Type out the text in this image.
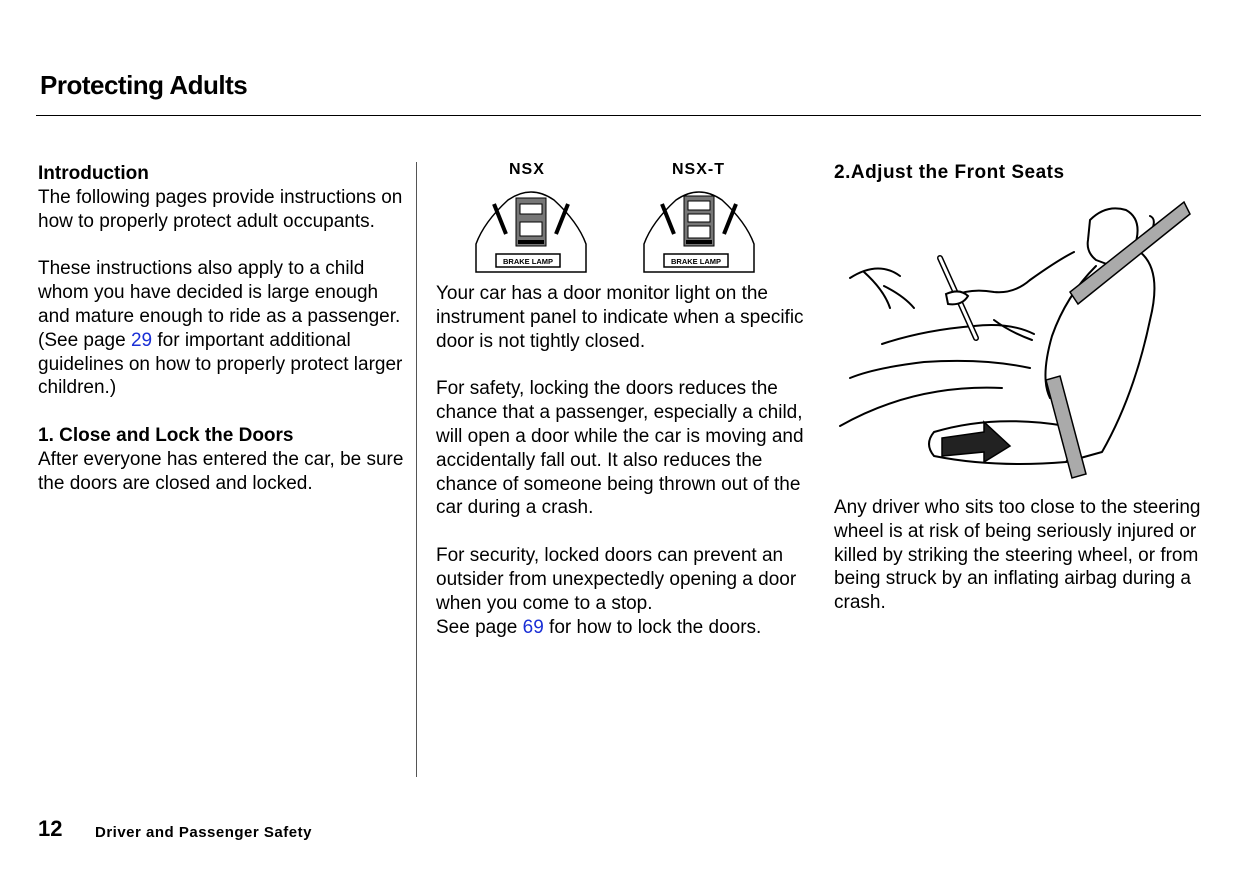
Protecting Adults

Introduction

The following pages provide instructions on how to properly protect adult occupants.

These instructions also apply to a child whom you have decided is large enough and mature enough to ride as a passenger. (See page 29 for important additional guidelines on how to properly protect larger children.)

1. Close and Lock the Doors

After everyone has entered the car, be sure the doors are closed and locked.

NSX	NSX-T
BRAKE LAMP	BRAKE LAMP

Your car has a door monitor light on the instrument panel to indicate when a specific door is not tightly closed.

For safety, locking the doors reduces the chance that a passenger, especially a child, will open a door while the car is moving and accidentally fall out. It also reduces the chance of someone being thrown out of the car during a crash.

For security, locked doors can prevent an outsider from unexpectedly opening a door when you come to a stop.

See page 69 for how to lock the doors.

2.Adjust the Front Seats

Any driver who sits too close to the steering wheel is at risk of being seriously injured or killed by striking the steering wheel, or from being struck by an inflating airbag during a crash.

12 Driver and Passenger Safety
